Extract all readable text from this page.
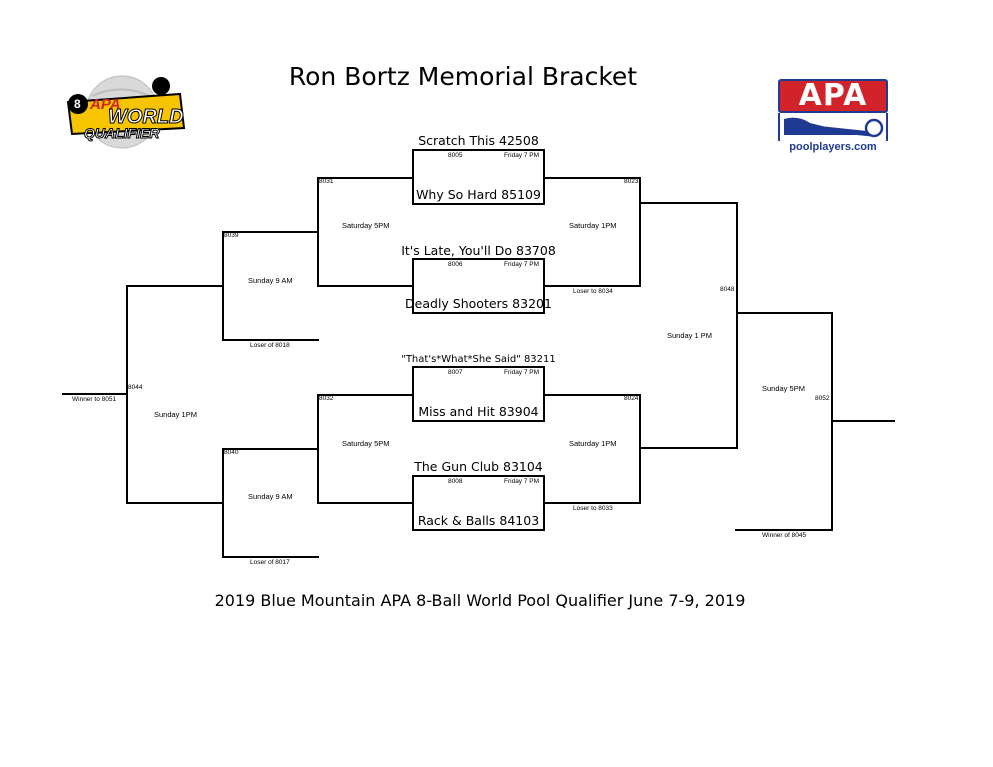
8 APA
WORLD
QUALIFIER
APA
poolplayers.com
Ron Bortz Memorial Bracket
Scratch This 42508
Why So Hard 85109
It's Late, You'll Do 83708
Deadly Shooters 83201
"That's*What*She Said" 83211
Miss and Hit 83904
The Gun Club 83104
Rack & Balls 84103
8005	Friday 7 PM
8006	Friday 7 PM
8007	Friday 7 PM
8008	Friday 7 PM
8031
Saturday 5PM
8032
Saturday 5PM
8039
Sunday 9 AM
Loser of 8018
8040
Sunday 9 AM
Loser of 8017
8044
Sunday 1PM
Winner to 8051
8023
Saturday 1PM
Loser to 8034
8024
Saturday 1PM
Loser to 8033
8048
Sunday 1 PM
8052
Sunday 5PM
Winner of 8045
2019 Blue Mountain APA 8-Ball World Pool Qualifier June 7-9, 2019
